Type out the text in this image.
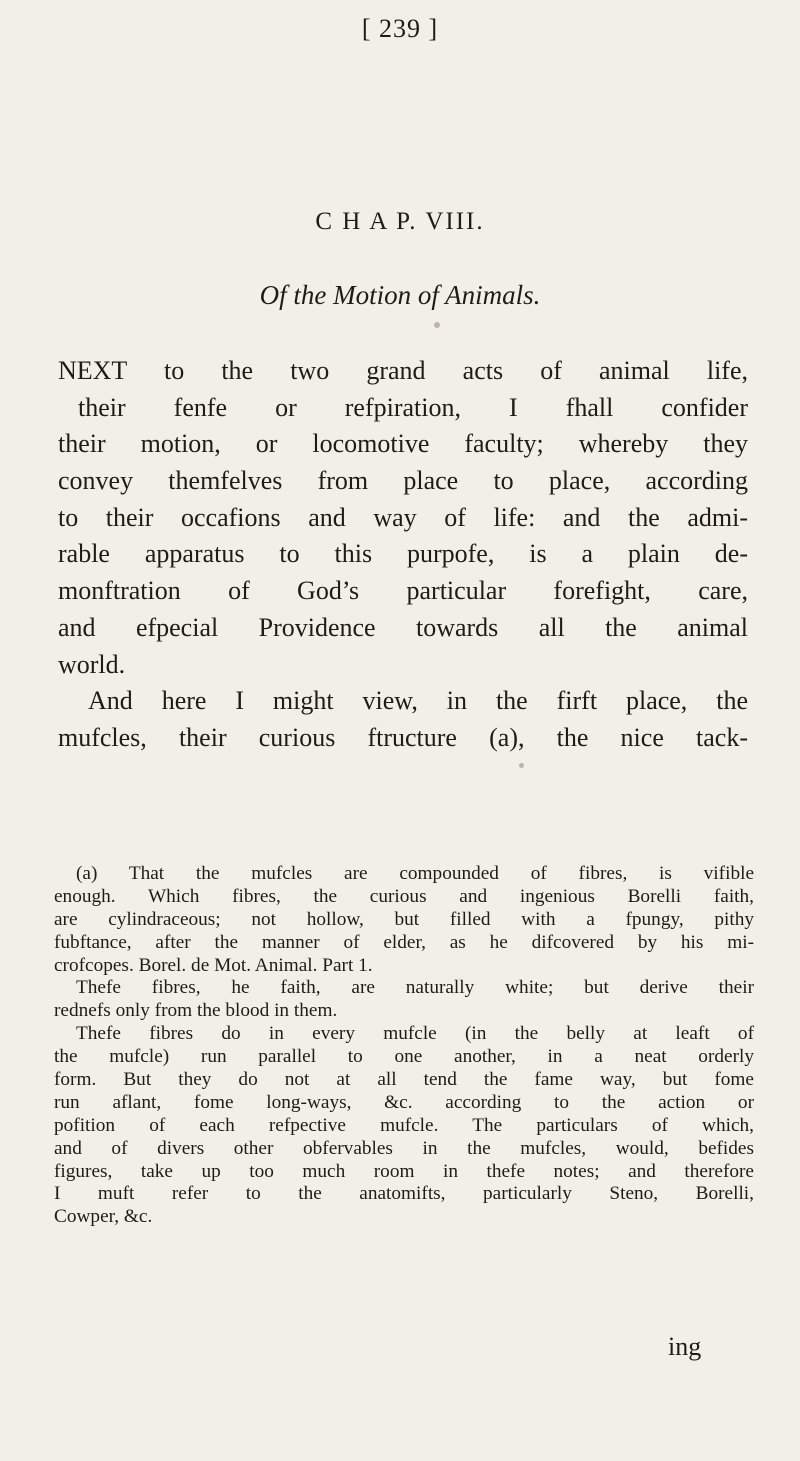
[ 239 ]
C H A P. VIII.
Of the Motion of Animals.
NEXT to the two grand acts of animal life,
their fenfe or refpiration, I fhall confider
their motion, or locomotive faculty; whereby they
convey themfelves from place to place, according
to their occafions and way of life: and the admi-
rable apparatus to this purpofe, is a plain de-
monftration of God’s particular forefight, care,
and efpecial Providence towards all the animal
world.
And here I might view, in the firft place, the
mufcles, their curious ftructure (a), the nice tack-
(a) That the mufcles are compounded of fibres, is vifible
enough. Which fibres, the curious and ingenious Borelli faith,
are cylindraceous; not hollow, but filled with a fpungy, pithy
fubftance, after the manner of elder, as he difcovered by his mi-
crofcopes. Borel. de Mot. Animal. Part 1.
Thefe fibres, he faith, are naturally white; but derive their
rednefs only from the blood in them.
Thefe fibres do in every mufcle (in the belly at leaft of
the mufcle) run parallel to one another, in a neat orderly
form. But they do not at all tend the fame way, but fome
run aflant, fome long-ways, &c. according to the action or
pofition of each refpective mufcle. The particulars of which,
and of divers other obfervables in the mufcles, would, befides
figures, take up too much room in thefe notes; and therefore
I muft refer to the anatomifts, particularly Steno, Borelli,
Cowper, &c.
ing
